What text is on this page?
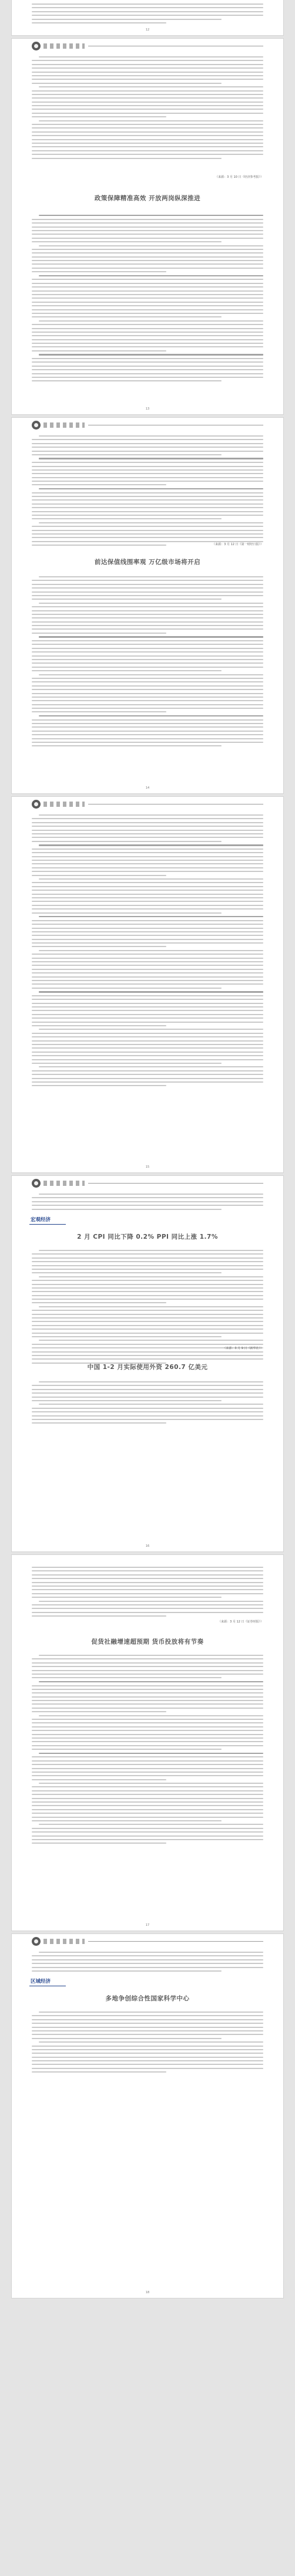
12
（来源：3 月 10 日《经济参考报》）
政策保障精准高效 开放两岗纵深推进
13
（来源：3 月 12 日《第一财经日报》）
前达保值线围率观 万亿级市场将开启
14
15
宏观经济
2 月 CPI 同比下降 0.2% PPI 同比上涨 1.7%
（来源：3 月 9 日《新华社》）
中国 1-2 月实际使用外资 260.7 亿美元
16
（来源：3 月 12 日《证券时报》）
促货社融增速超预期 货币投放将有节奏
17
区域经济
多地争创综合性国家科学中心
18
